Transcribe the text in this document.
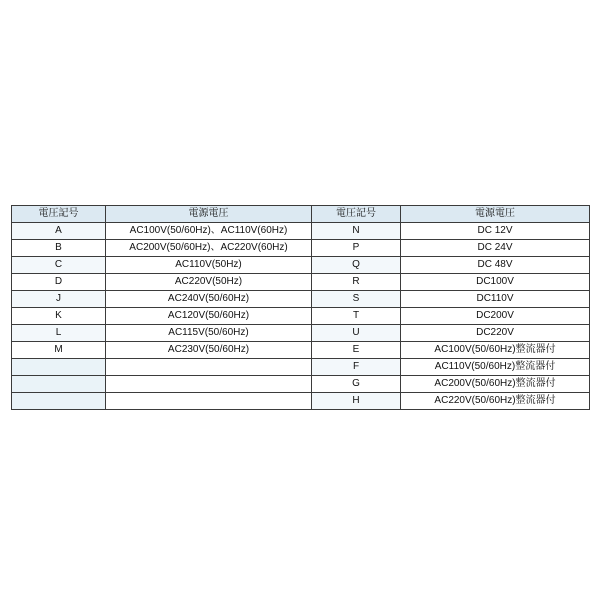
電圧記号	電源電圧	電圧記号	電源電圧
A	AC100V(50/60Hz)、AC110V(60Hz)	N	DC 12V
B	AC200V(50/60Hz)、AC220V(60Hz)	P	DC 24V
C	AC110V(50Hz)	Q	DC 48V
D	AC220V(50Hz)	R	DC100V
J	AC240V(50/60Hz)	S	DC110V
K	AC120V(50/60Hz)	T	DC200V
L	AC115V(50/60Hz)	U	DC220V
M	AC230V(50/60Hz)	E	AC100V(50/60Hz)整流器付
		F	AC110V(50/60Hz)整流器付
		G	AC200V(50/60Hz)整流器付
		H	AC220V(50/60Hz)整流器付
